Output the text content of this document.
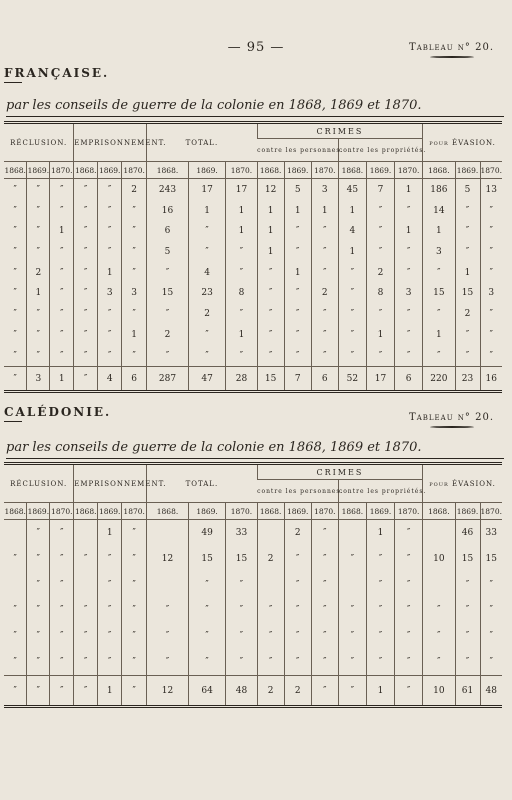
— 95 —	Tableau n° 20.
FRANÇAISE.
par les conseils de guerre de la colonie en 1868, 1869 et 1870.
RÉCLUSION.			EMPRISONNEMENT.			TOTAL.			CRIMES						pour ÉVASION.		
									contre les personnes.			contre les propriétés.					
1868.	1869.	1870.	1868.	1869.	1870.	1868.	1869.	1870.	1868.	1869.	1870.	1868.	1869.	1870.	1868.	1869.	1870.

″	″	″	″	″	2	243	17	17	12	5	3	45	7	1	186	5	13
″	″	″	″	″	″	16	1	1	1	1	1	1	″	″	14	″	″
″	″	1	″	″	″	6	″	1	1	″	″	4	″	1	1	″	″
″	″	″	″	″	″	5	″	″	1	″	″	1	″	″	3	″	″
″	2	″	″	1	″	″	4	″	″	1	″	″	2	″	″	1	″
″	1	″	″	3	3	15	23	8	″	″	2	″	8	3	15	15	3
″	″	″	″	″	″	″	2	″	″	″	″	″	″	″	″	2	″
″	″	″	″	″	1	2	″	1	″	″	″	″	1	″	1	″	″
″	″	″	″	″	″	″	″	″	″	″	″	″	″	″	″	″	″
″	3	1	″	4	6	287	47	28	15	7	6	52	17	6	220	23	16
Tableau n° 20.
CALÉDONIE.
par les conseils de guerre de la colonie en 1868, 1869 et 1870.
RÉCLUSION.			EMPRISONNEMENT.			TOTAL.			CRIMES						pour ÉVASION.		
									contre les personnes.			contre les propriétés.					
1868.	1869.	1870.	1868.	1869.	1870.	1868.	1869.	1870.	1868.	1869.	1870.	1868.	1869.	1870.	1868.	1869.	1870.
	″	″		1	″		49	33		2	″		1	″		46	33
″	″	″	″	″	″	12	15	15	2	″	″	″	″	″	10	15	15
	″	″		″	″		″	″		″	″		″	″		″	″
″	″	″	″	″	″	″	″	″	″	″	″	″	″	″	″	″	″
″	″	″	″	″	″	″	″	″	″	″	″	″	″	″	″	″	″
″	″	″	″	″	″	″	″	″	″	″	″	″	″	″	″	″	″
″	″	″	″	1	″	12	64	48	2	2	″	″	1	″	10	61	48
